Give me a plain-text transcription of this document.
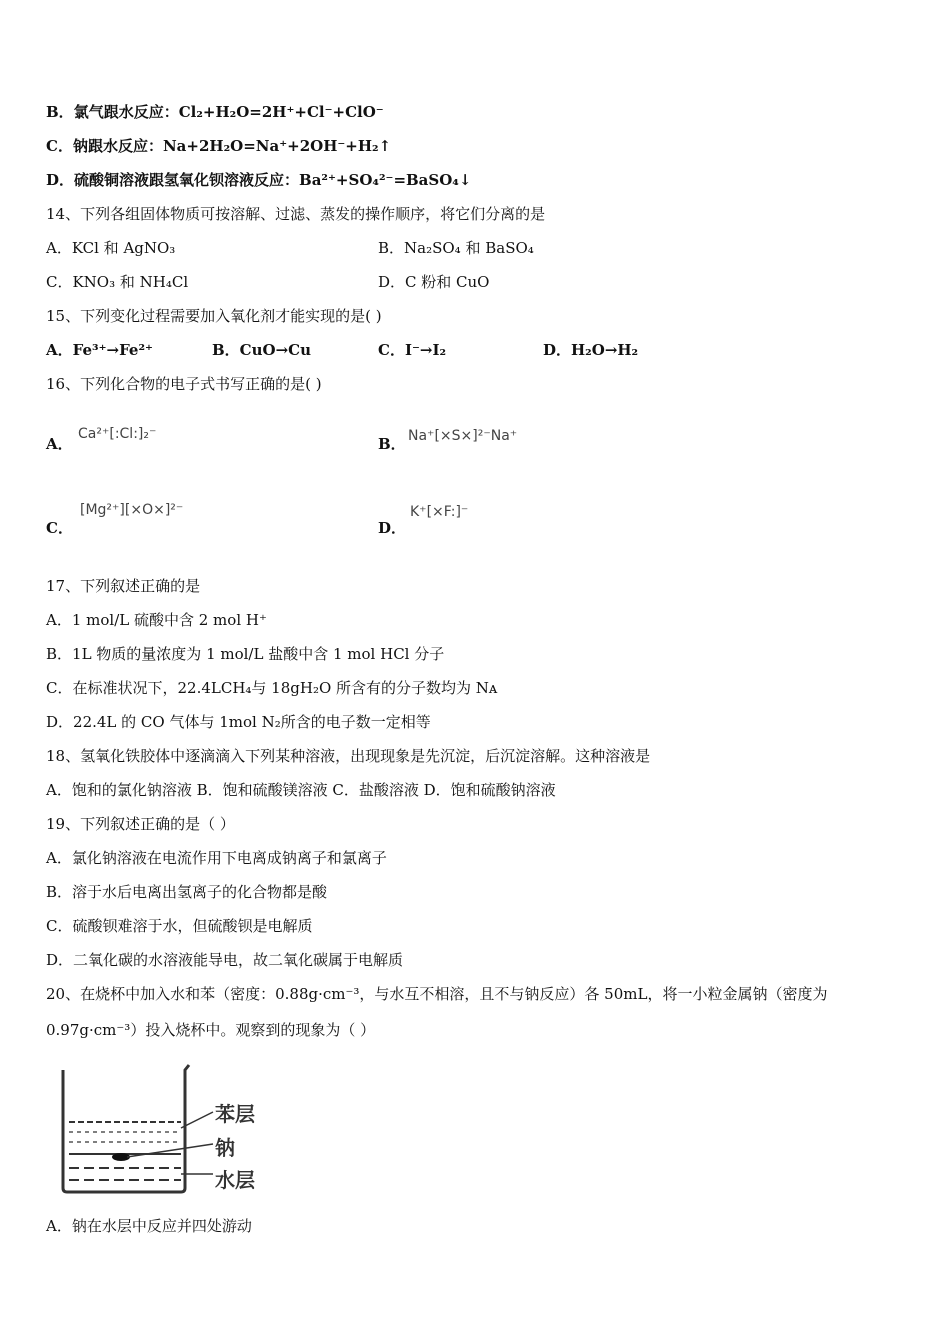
B．氯气跟水反应：Cl₂+H₂O=2H⁺+Cl⁻+ClO⁻
C．钠跟水反应：Na+2H₂O=Na⁺+2OH⁻+H₂↑
D．硫酸铜溶液跟氢氧化钡溶液反应：Ba²⁺+SO₄²⁻=BaSO₄↓
14、下列各组固体物质可按溶解、过滤、蒸发的操作顺序，将它们分离的是
A．KCl 和 AgNO₃	B．Na₂SO₄ 和 BaSO₄
C．KNO₃ 和 NH₄Cl	D．C 粉和 CuO
15、下列变化过程需要加入氧化剂才能实现的是( )
A．Fe³⁺→Fe²⁺	B．CuO→Cu	C．I⁻→I₂	D．H₂O→H₂
16、下列化合物的电子式书写正确的是( )
A．
Ca²⁺[:Cl:]₂⁻
B． Na⁺[×S×]²⁻Na⁺
C．
[Mg²⁺][×O×]²⁻
D．
K⁺[×F:]⁻
17、下列叙述正确的是
A．1 mol/L 硫酸中含 2 mol H⁺
B．1L 物质的量浓度为 1 mol/L 盐酸中含 1 mol HCl 分子
C．在标准状况下，22.4LCH₄与 18gH₂O 所含有的分子数均为 Nᴀ
D．22.4L 的 CO 气体与 1mol N₂所含的电子数一定相等
18、氢氧化铁胶体中逐滴滴入下列某种溶液，出现现象是先沉淀，后沉淀溶解。这种溶液是
A．饱和的氯化钠溶液 B．饱和硫酸镁溶液 C．盐酸溶液 D．饱和硫酸钠溶液
19、下列叙述正确的是（ ）
A．氯化钠溶液在电流作用下电离成钠离子和氯离子
B．溶于水后电离出氢离子的化合物都是酸
C．硫酸钡难溶于水，但硫酸钡是电解质
D．二氧化碳的水溶液能导电，故二氧化碳属于电解质
20、在烧杯中加入水和苯（密度：0.88g·cm⁻³，与水互不相溶，且不与钠反应）各 50mL，将一小粒金属钠（密度为
0.97g·cm⁻³）投入烧杯中。观察到的现象为（ ）
苯层
钠
水层
A．钠在水层中反应并四处游动
